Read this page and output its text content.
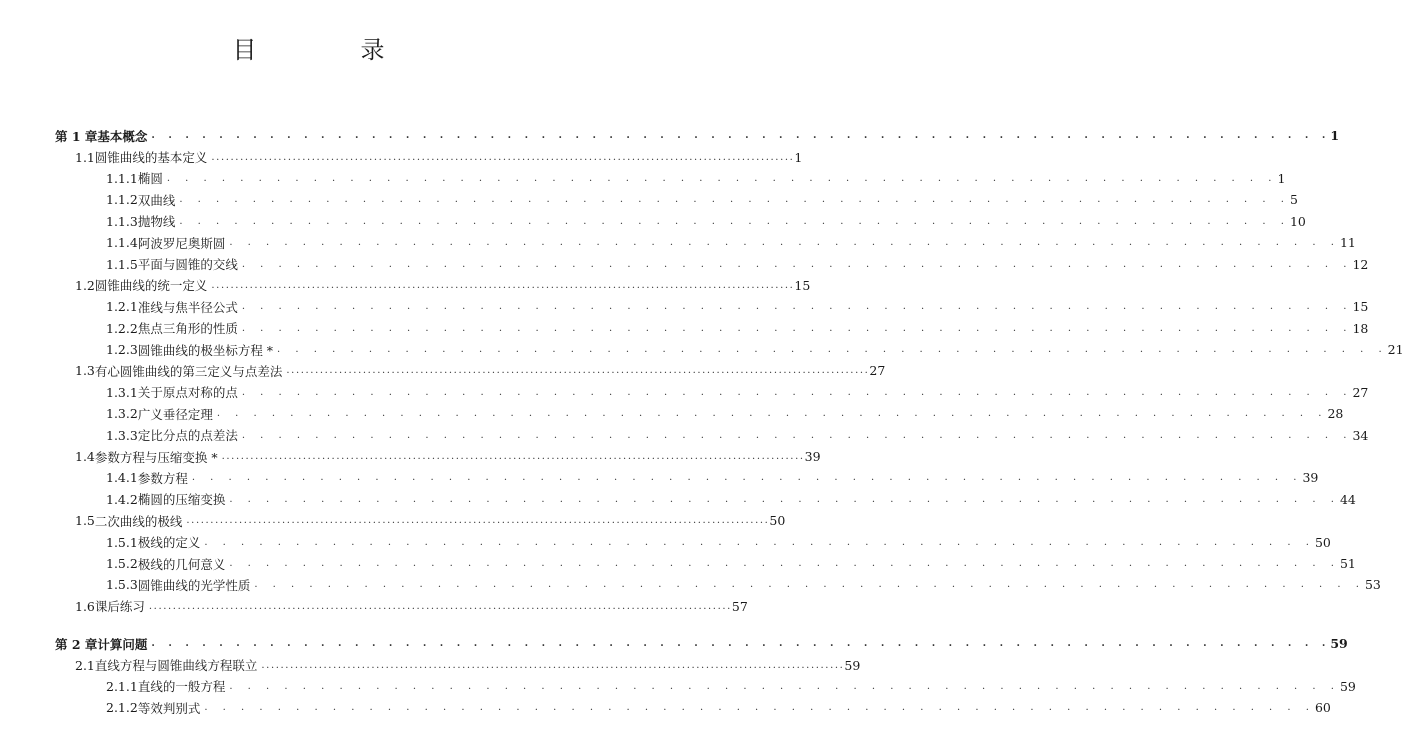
目　录
第 1 章 基本概念 . . . . . . . . . . . . . . . . . . . . . . . . . . . . . . . . . . . . . . . . . . . . . . . . . . . . . . . . . . . . . . . . . . . . . . 1
1.1 圆锥曲线的基本定义 .......................................................................................................................... 1
1.1.1 椭圆 . . . . . . . . . . . . . . . . . . . . . . . . . . . . . . . . . . . . . . . . . . . . . . . . . . . . . . . . . . . . . 1
1.1.2 双曲线 . . . . . . . . . . . . . . . . . . . . . . . . . . . . . . . . . . . . . . . . . . . . . . . . . . . . . . . . . . . . . 5
1.1.3 抛物线 . . . . . . . . . . . . . . . . . . . . . . . . . . . . . . . . . . . . . . . . . . . . . . . . . . . . . . . . . . . . . 10
1.1.4 阿波罗尼奥斯圆 . . . . . . . . . . . . . . . . . . . . . . . . . . . . . . . . . . . . . . . . . . . . . . . . . . . . . . . . . . . . . 11
1.1.5 平面与圆锥的交线 . . . . . . . . . . . . . . . . . . . . . . . . . . . . . . . . . . . . . . . . . . . . . . . . . . . . . . . . . . . . . 12
1.2 圆锥曲线的统一定义 .......................................................................................................................... 15
1.2.1 准线与焦半径公式 . . . . . . . . . . . . . . . . . . . . . . . . . . . . . . . . . . . . . . . . . . . . . . . . . . . . . . . . . . . . . 15
1.2.2 焦点三角形的性质 . . . . . . . . . . . . . . . . . . . . . . . . . . . . . . . . . . . . . . . . . . . . . . . . . . . . . . . . . . . . . 18
1.2.3 圆锥曲线的极坐标方程 * . . . . . . . . . . . . . . . . . . . . . . . . . . . . . . . . . . . . . . . . . . . . . . . . . . . . . . . . . . . . . 21
1.3 有心圆锥曲线的第三定义与点差法 .......................................................................................................................... 27
1.3.1 关于原点对称的点 . . . . . . . . . . . . . . . . . . . . . . . . . . . . . . . . . . . . . . . . . . . . . . . . . . . . . . . . . . . . . 27
1.3.2 广义垂径定理 . . . . . . . . . . . . . . . . . . . . . . . . . . . . . . . . . . . . . . . . . . . . . . . . . . . . . . . . . . . . . 28
1.3.3 定比分点的点差法 . . . . . . . . . . . . . . . . . . . . . . . . . . . . . . . . . . . . . . . . . . . . . . . . . . . . . . . . . . . . . 34
1.4 参数方程与压缩变换 * .......................................................................................................................... 39
1.4.1 参数方程 . . . . . . . . . . . . . . . . . . . . . . . . . . . . . . . . . . . . . . . . . . . . . . . . . . . . . . . . . . . . . 39
1.4.2 椭圆的压缩变换 . . . . . . . . . . . . . . . . . . . . . . . . . . . . . . . . . . . . . . . . . . . . . . . . . . . . . . . . . . . . . 44
1.5 二次曲线的极线 .......................................................................................................................... 50
1.5.1 极线的定义 . . . . . . . . . . . . . . . . . . . . . . . . . . . . . . . . . . . . . . . . . . . . . . . . . . . . . . . . . . . . . 50
1.5.2 极线的几何意义 . . . . . . . . . . . . . . . . . . . . . . . . . . . . . . . . . . . . . . . . . . . . . . . . . . . . . . . . . . . . . 51
1.5.3 圆锥曲线的光学性质 . . . . . . . . . . . . . . . . . . . . . . . . . . . . . . . . . . . . . . . . . . . . . . . . . . . . . . . . . . . . . 53
1.6 课后练习 .......................................................................................................................... 57
第 2 章 计算问题 . . . . . . . . . . . . . . . . . . . . . . . . . . . . . . . . . . . . . . . . . . . . . . . . . . . . . . . . . . . . . . . . . . . . . . 59
2.1 直线方程与圆锥曲线方程联立 .......................................................................................................................... 59
2.1.1 直线的一般方程 . . . . . . . . . . . . . . . . . . . . . . . . . . . . . . . . . . . . . . . . . . . . . . . . . . . . . . . . . . . . . 59
2.1.2 等效判别式 . . . . . . . . . . . . . . . . . . . . . . . . . . . . . . . . . . . . . . . . . . . . . . . . . . . . . . . . . . . . . 60
